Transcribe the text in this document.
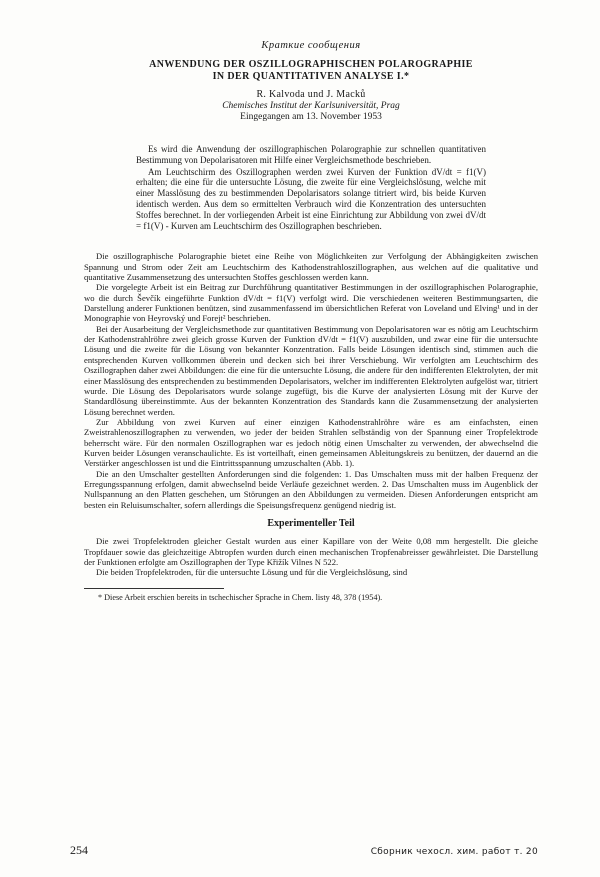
Краткие сообщения

ANWENDUNG DER OSZILLOGRAPHISCHEN POLAROGRAPHIE

IN DER QUANTITATIVEN ANALYSE I.*

R. Kalvoda und J. Macků

Chemisches Institut der Karlsuniversität, Prag

Eingegangen am 13. November 1953

Es wird die Anwendung der oszillographischen Polarographie zur schnellen quantitativen Bestimmung von Depolarisatoren mit Hilfe einer Vergleichsmethode beschrieben.

Am Leuchtschirm des Oszillographen werden zwei Kurven der Funktion dV/dt = f1(V) erhalten; die eine für die untersuchte Lösung, die zweite für eine Vergleichslösung, welche mit einer Masslösung des zu bestimmenden Depolarisators solange titriert wird, bis beide Kurven identisch werden. Aus dem so ermittelten Verbrauch wird die Konzentration des untersuchten Stoffes berechnet. In der vorliegenden Arbeit ist eine Einrichtung zur Abbildung von zwei dV/dt = f1(V) - Kurven am Leuchtschirm des Oszillographen beschrieben.

Die oszillographische Polarographie bietet eine Reihe von Möglichkeiten zur Verfolgung der Abhängigkeiten zwischen Spannung und Strom oder Zeit am Leuchtschirm des Kathodenstrahloszillographen, aus welchen auf die qualitative und quantitative Zusammensetzung des untersuchten Stoffes geschlossen werden kann.

Die vorgelegte Arbeit ist ein Beitrag zur Durchführung quantitativer Bestimmungen in der oszillographischen Polarographie, wo die durch Ševčík eingeführte Funktion dV/dt = f1(V) verfolgt wird. Die verschiedenen weiteren Bestimmungsarten, die Darstellung anderer Funktionen benützen, sind zusammenfassend im übersichtlichen Referat von Loveland und Elving¹ und in der Monographie von Heyrovský und Forejt² beschrieben.

Bei der Ausarbeitung der Vergleichsmethode zur quantitativen Bestimmung von Depolarisatoren war es nötig am Leuchtschirm der Kathodenstrahlröhre zwei gleich grosse Kurven der Funktion dV/dt = f1(V) auszubilden, und zwar eine für die untersuchte Lösung und die zweite für die Lösung von bekannter Konzentration. Falls beide Lösungen identisch sind, stimmen auch die entsprechenden Kurven vollkommen überein und decken sich bei ihrer Verschiebung. Wir verfolgten am Leuchtschirm des Oszillographen daher zwei Abbildungen: die eine für die untersuchte Lösung, die andere für den indifferenten Elektrolyten, der mit einer Masslösung des entsprechenden zu bestimmenden Depolarisators, welcher im indifferenten Elektrolyten aufgelöst war, titriert wurde. Die Lösung des Depolarisators wurde solange zugefügt, bis die Kurve der analysierten Lösung mit der Kurve der Standardlösung übereinstimmte. Aus der bekannten Konzentration des Standards kann die Zusammensetzung der analysierten Lösung berechnet werden.

Zur Abbildung von zwei Kurven auf einer einzigen Kathodenstrahlröhre wäre es am einfachsten, einen Zweistrahlenoszillographen zu verwenden, wo jeder der beiden Strahlen selbständig von der Spannung einer Tropfelektrode beherrscht wäre. Für den normalen Oszillographen war es jedoch nötig einen Umschalter zu verwenden, der abwechselnd die Kurven beider Lösungen veranschaulichte. Es ist vorteilhaft, einen gemeinsamen Ableitungskreis zu benützen, der dauernd an die Verstärker angeschlossen ist und die Eintrittsspannung umzuschalten (Abb. 1).

Die an den Umschalter gestellten Anforderungen sind die folgenden: 1. Das Umschalten muss mit der halben Frequenz der Erregungsspannung erfolgen, damit abwechselnd beide Verläufe gezeichnet werden. 2. Das Umschalten muss im Augenblick der Nullspannung an den Platten geschehen, um Störungen an den Abbildungen zu vermeiden. Diesen Anforderungen entspricht am besten ein Reluisumschalter, sofern allerdings die Speisungsfrequenz genügend niedrig ist.

Experimenteller Teil

Die zwei Tropfelektroden gleicher Gestalt wurden aus einer Kapillare von der Weite 0,08 mm hergestellt. Die gleiche Tropfdauer sowie das gleichzeitige Abtropfen wurden durch einen mechanischen Tropfenabreisser gewährleistet. Die Darstellung der Funktionen erfolgte am Oszillographen der Type Křižík Vilnes N 522.

Die beiden Tropfelektroden, für die untersuchte Lösung und für die Vergleichslösung, sind

* Diese Arbeit erschien bereits in tschechischer Sprache in Chem. listy 48, 378 (1954).

254	Сборник чехосл. хим. работ т. 20
